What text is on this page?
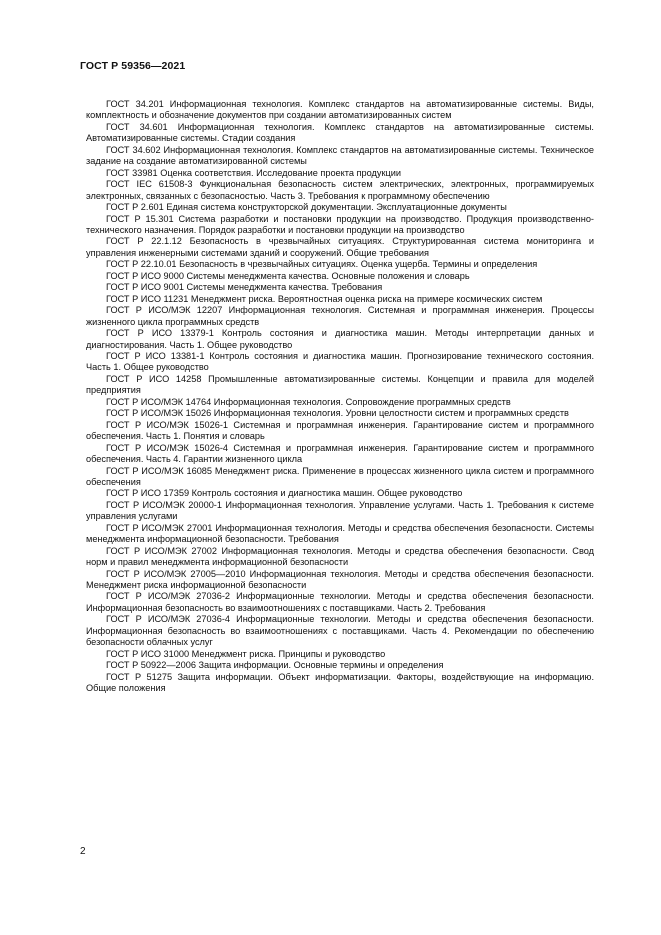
ГОСТ Р 59356—2021

ГОСТ 34.201 Информационная технология. Комплекс стандартов на автоматизированные системы. Виды, комплектность и обозначение документов при создании автоматизированных систем

ГОСТ 34.601 Информационная технология. Комплекс стандартов на автоматизированные системы. Автоматизированные системы. Стадии создания

ГОСТ 34.602 Информационная технология. Комплекс стандартов на автоматизированные системы. Техническое задание на создание автоматизированной системы

ГОСТ 33981 Оценка соответствия. Исследование проекта продукции

ГОСТ IEC 61508-3 Функциональная безопасность систем электрических, электронных, программируемых электронных, связанных с безопасностью. Часть 3. Требования к программному обеспечению

ГОСТ Р 2.601 Единая система конструкторской документации. Эксплуатационные документы

ГОСТ Р 15.301 Система разработки и постановки продукции на производство. Продукция производственно-технического назначения. Порядок разработки и постановки продукции на производство

ГОСТ Р 22.1.12 Безопасность в чрезвычайных ситуациях. Структурированная система мониторинга и управления инженерными системами зданий и сооружений. Общие требования

ГОСТ Р 22.10.01 Безопасность в чрезвычайных ситуациях. Оценка ущерба. Термины и определения

ГОСТ Р ИСО 9000 Системы менеджмента качества. Основные положения и словарь

ГОСТ Р ИСО 9001 Системы менеджмента качества. Требования

ГОСТ Р ИСО 11231 Менеджмент риска. Вероятностная оценка риска на примере космических систем

ГОСТ Р ИСО/МЭК 12207 Информационная технология. Системная и программная инженерия. Процессы жизненного цикла программных средств

ГОСТ Р ИСО 13379-1 Контроль состояния и диагностика машин. Методы интерпретации данных и диагностирования. Часть 1. Общее руководство

ГОСТ Р ИСО 13381-1 Контроль состояния и диагностика машин. Прогнозирование технического состояния. Часть 1. Общее руководство

ГОСТ Р ИСО 14258 Промышленные автоматизированные системы. Концепции и правила для моделей предприятия

ГОСТ Р ИСО/МЭК 14764 Информационная технология. Сопровождение программных средств

ГОСТ Р ИСО/МЭК 15026 Информационная технология. Уровни целостности систем и программных средств

ГОСТ Р ИСО/МЭК 15026-1 Системная и программная инженерия. Гарантирование систем и программного обеспечения. Часть 1. Понятия и словарь

ГОСТ Р ИСО/МЭК 15026-4 Системная и программная инженерия. Гарантирование систем и программного обеспечения. Часть 4. Гарантии жизненного цикла

ГОСТ Р ИСО/МЭК 16085 Менеджмент риска. Применение в процессах жизненного цикла систем и программного обеспечения

ГОСТ Р ИСО 17359 Контроль состояния и диагностика машин. Общее руководство

ГОСТ Р ИСО/МЭК 20000-1 Информационная технология. Управление услугами. Часть 1. Требования к системе управления услугами

ГОСТ Р ИСО/МЭК 27001 Информационная технология. Методы и средства обеспечения безопасности. Системы менеджмента информационной безопасности. Требования

ГОСТ Р ИСО/МЭК 27002 Информационная технология. Методы и средства обеспечения безопасности. Свод норм и правил менеджмента информационной безопасности

ГОСТ Р ИСО/МЭК 27005—2010 Информационная технология. Методы и средства обеспечения безопасности. Менеджмент риска информационной безопасности

ГОСТ Р ИСО/МЭК 27036-2 Информационные технологии. Методы и средства обеспечения безопасности. Информационная безопасность во взаимоотношениях с поставщиками. Часть 2. Требования

ГОСТ Р ИСО/МЭК 27036-4 Информационные технологии. Методы и средства обеспечения безопасности. Информационная безопасность во взаимоотношениях с поставщиками. Часть 4. Рекомендации по обеспечению безопасности облачных услуг

ГОСТ Р ИСО 31000 Менеджмент риска. Принципы и руководство

ГОСТ Р 50922—2006 Защита информации. Основные термины и определения

ГОСТ Р 51275 Защита информации. Объект информатизации. Факторы, воздействующие на информацию. Общие положения

2
